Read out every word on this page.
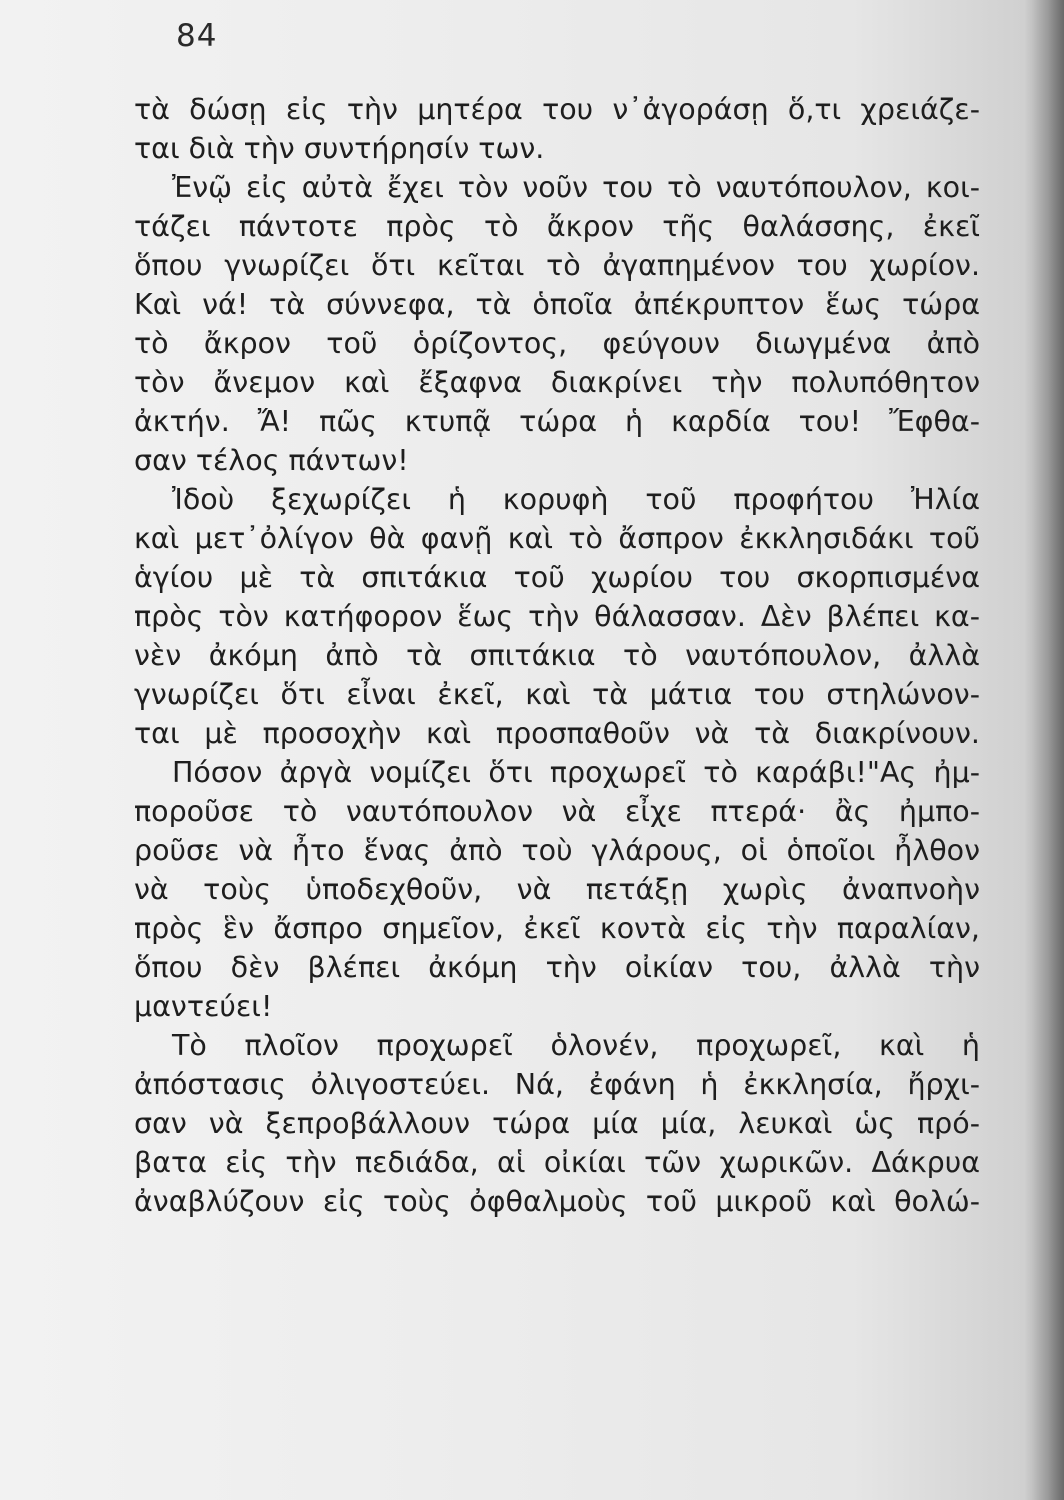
84
τὰ δώσῃ εἰς τὴν μητέρα του ν᾿ἀγοράσῃ ὅ,τι χρειάζε-
ται διὰ τὴν συντήρησίν των.
Ἐνῷ εἰς αὐτὰ ἔχει τὸν νοῦν του τὸ ναυτόπουλον, κοι-
τάζει πάντοτε πρὸς τὸ ἄκρον τῆς θαλάσσης, ἐκεῖ
ὅπου γνωρίζει ὅτι κεῖται τὸ ἀγαπημένον του χωρίον.
Καὶ νά! τὰ σύννεφα, τὰ ὁποῖα ἀπέκρυπτον ἕως τώρα
τὸ ἄκρον τοῦ ὁρίζοντος, φεύγουν διωγμένα ἀπὸ
τὸν ἄνεμον καὶ ἔξαφνα διακρίνει τὴν πολυπόθητον
ἀκτήν. Ἄ! πῶς κτυπᾷ τώρα ἡ καρδία του! Ἔφθα-
σαν τέλος πάντων!
Ἰδοὺ ξεχωρίζει ἡ κορυφὴ τοῦ προφήτου Ἠλία
καὶ μετ᾿ὀλίγον θὰ φανῇ καὶ τὸ ἄσπρον ἐκκλησιδάκι τοῦ
ἁγίου μὲ τὰ σπιτάκια τοῦ χωρίου του σκορπισμένα
πρὸς τὸν κατήφορον ἕως τὴν θάλασσαν. Δὲν βλέπει κα-
νὲν ἀκόμη ἀπὸ τὰ σπιτάκια τὸ ναυτόπουλον, ἀλλὰ
γνωρίζει ὅτι εἶναι ἐκεῖ, καὶ τὰ μάτια του στηλώνον-
ται μὲ προσοχὴν καὶ προσπαθοῦν νὰ τὰ διακρίνουν.
Πόσον ἀργὰ νομίζει ὅτι προχωρεῖ τὸ καράβι!"Ας ἠμ-
ποροῦσε τὸ ναυτόπουλον νὰ εἶχε πτερά· ἂς ἠμπο-
ροῦσε νὰ ἦτο ἕνας ἀπὸ τοὺ γλάρους, οἱ ὁποῖοι ἦλθον
νὰ τοὺς ὑποδεχθοῦν, νὰ πετάξῃ χωρὶς ἀναπνοὴν
πρὸς ἓν ἄσπρο σημεῖον, ἐκεῖ κοντὰ εἰς τὴν παραλίαν,
ὅπου δὲν βλέπει ἀκόμη τὴν οἰκίαν του, ἀλλὰ τὴν
μαντεύει!
Τὸ πλοῖον προχωρεῖ ὁλονέν, προχωρεῖ, καὶ ἡ
ἀπόστασις ὀλιγοστεύει. Νά, ἐφάνη ἡ ἐκκλησία, ἤρχι-
σαν νὰ ξεπροβάλλουν τώρα μία μία, λευκαὶ ὡς πρό-
βατα εἰς τὴν πεδιάδα, αἱ οἰκίαι τῶν χωρικῶν. Δάκρυα
ἀναβλύζουν εἰς τοὺς ὀφθαλμοὺς τοῦ μικροῦ καὶ θολώ-
